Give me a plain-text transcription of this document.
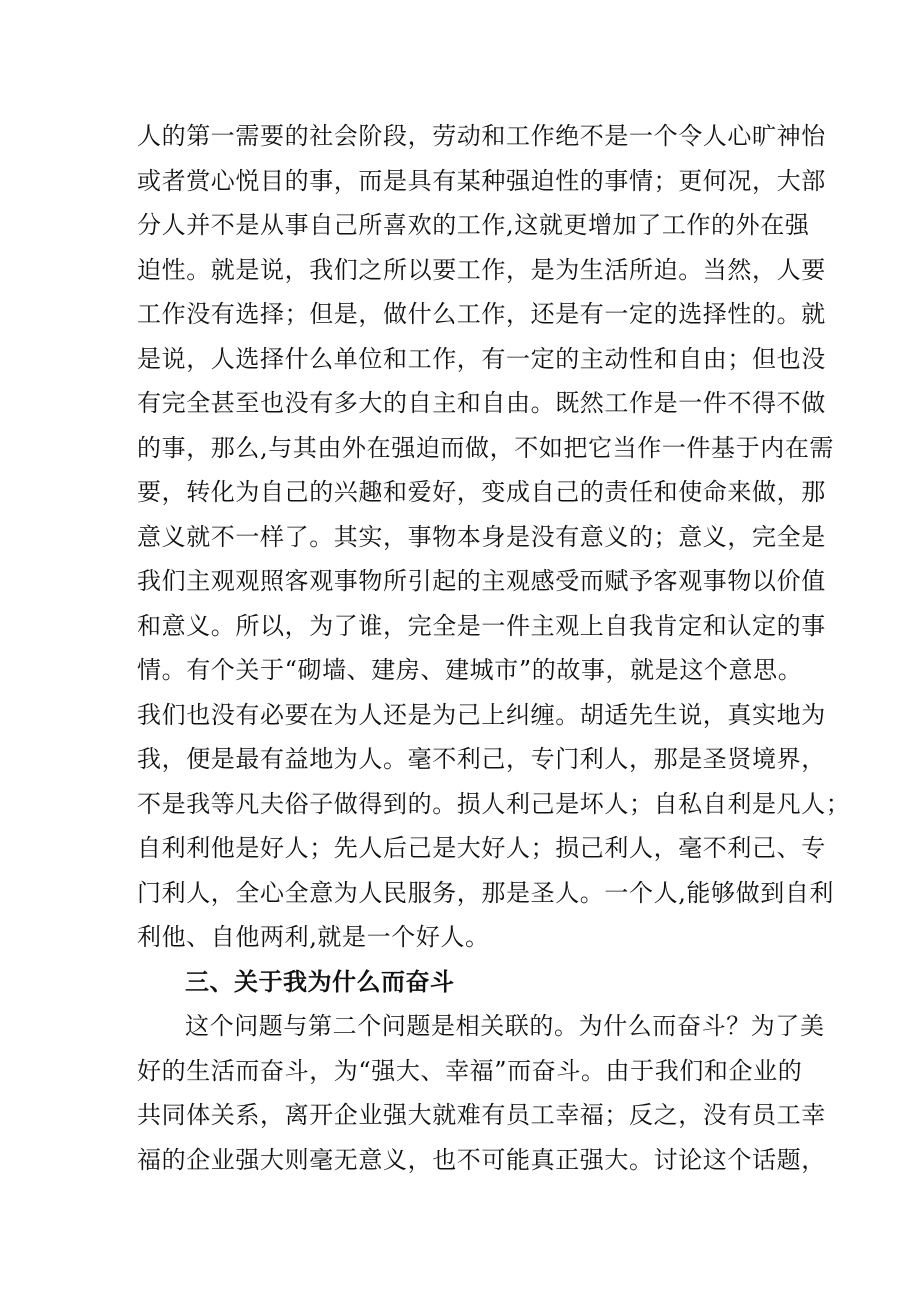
人的第一需要的社会阶段，劳动和工作绝不是一个令人心旷神怡
或者赏心悦目的事，而是具有某种强迫性的事情；更何况，大部
分人并不是从事自己所喜欢的工作,这就更增加了工作的外在强
迫性。就是说，我们之所以要工作，是为生活所迫。当然，人要
工作没有选择；但是，做什么工作，还是有一定的选择性的。就
是说，人选择什么单位和工作，有一定的主动性和自由；但也没
有完全甚至也没有多大的自主和自由。既然工作是一件不得不做
的事，那么,与其由外在强迫而做，不如把它当作一件基于内在需
要，转化为自己的兴趣和爱好，变成自己的责任和使命来做，那
意义就不一样了。其实，事物本身是没有意义的；意义，完全是
我们主观观照客观事物所引起的主观感受而赋予客观事物以价值
和意义。所以，为了谁，完全是一件主观上自我肯定和认定的事
情。有个关于“砌墙、建房、建城市”的故事，就是这个意思。
我们也没有必要在为人还是为己上纠缠。胡适先生说，真实地为
我，便是最有益地为人。毫不利己，专门利人，那是圣贤境界，
不是我等凡夫俗子做得到的。损人利己是坏人；自私自利是凡人；
自利利他是好人；先人后己是大好人；损己利人，毫不利己、专
门利人，全心全意为人民服务，那是圣人。一个人,能够做到自利
利他、自他两利,就是一个好人。
三、关于我为什么而奋斗
这个问题与第二个问题是相关联的。为什么而奋斗？为了美
好的生活而奋斗，为“强大、幸福”而奋斗。由于我们和企业的
共同体关系，离开企业强大就难有员工幸福；反之，没有员工幸
福的企业强大则毫无意义，也不可能真正强大。讨论这个话题，
